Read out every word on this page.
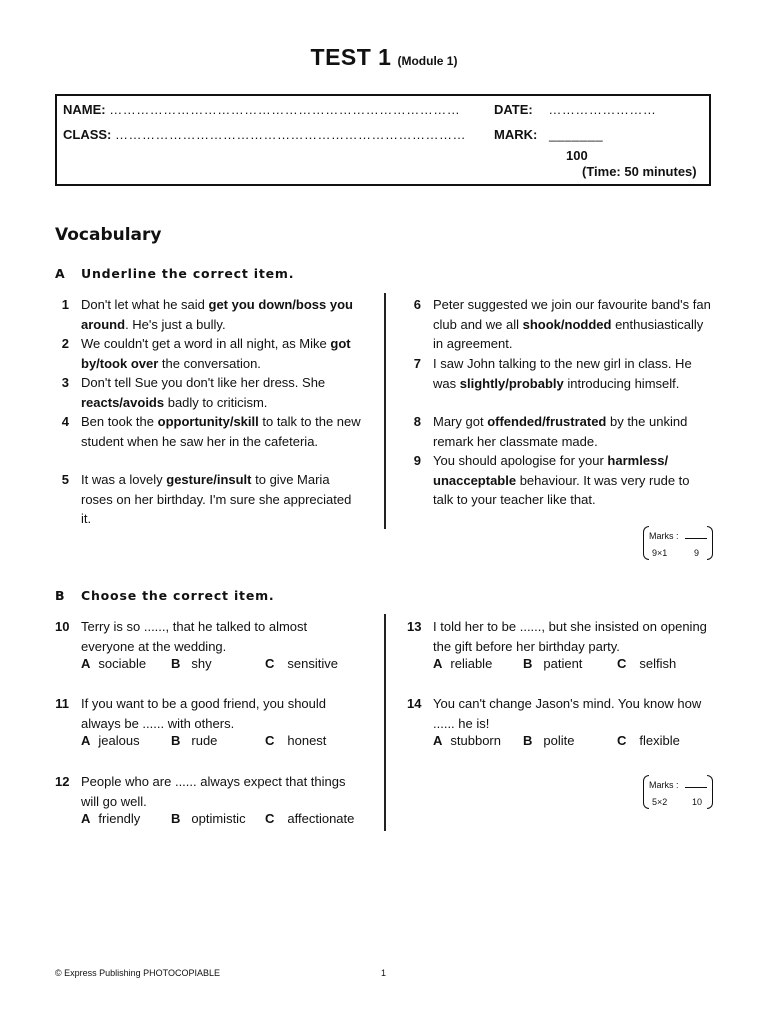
TEST 1 (Module 1)
NAME: ……………………………………………………………………	DATE: ……………………
CLASS: …………………………………………………………………… MARK: _______
100
(Time: 50 minutes)
Vocabulary
A Underline the correct item.
1 Don't let what he said get you down/boss you around. He's just a bully.
2 We couldn't get a word in all night, as Mike got by/took over the conversation.
3 Don't tell Sue you don't like her dress. She reacts/avoids badly to criticism.
4 Ben took the opportunity/skill to talk to the new student when he saw her in the cafeteria.
5 It was a lovely gesture/insult to give Maria roses on her birthday. I'm sure she appreciated it.
6 Peter suggested we join our favourite band's fan club and we all shook/nodded enthusiastically in agreement.
7 I saw John talking to the new girl in class. He was slightly/probably introducing himself.
8 Mary got offended/frustrated by the unkind remark her classmate made.
9 You should apologise for your harmless/ unacceptable behaviour. It was very rude to talk to your teacher like that.
Marks :
9×1	9
B Choose the correct item.
10 Terry is so ......, that he talked to almost everyone at the wedding.
A sociable B shy	C sensitive
11 If you want to be a good friend, you should always be ...... with others.
A jealous B rude	C honest
12 People who are ...... always expect that things will go well.
A friendly B optimistic C affectionate
13 I told her to be ......, but she insisted on opening the gift before her birthday party.
A reliable B patient	C selfish
14 You can't change Jason's mind. You know how ...... he is!
A stubborn B polite	C flexible
Marks :
5×2	10
© Express Publishing PHOTOCOPIABLE	1
